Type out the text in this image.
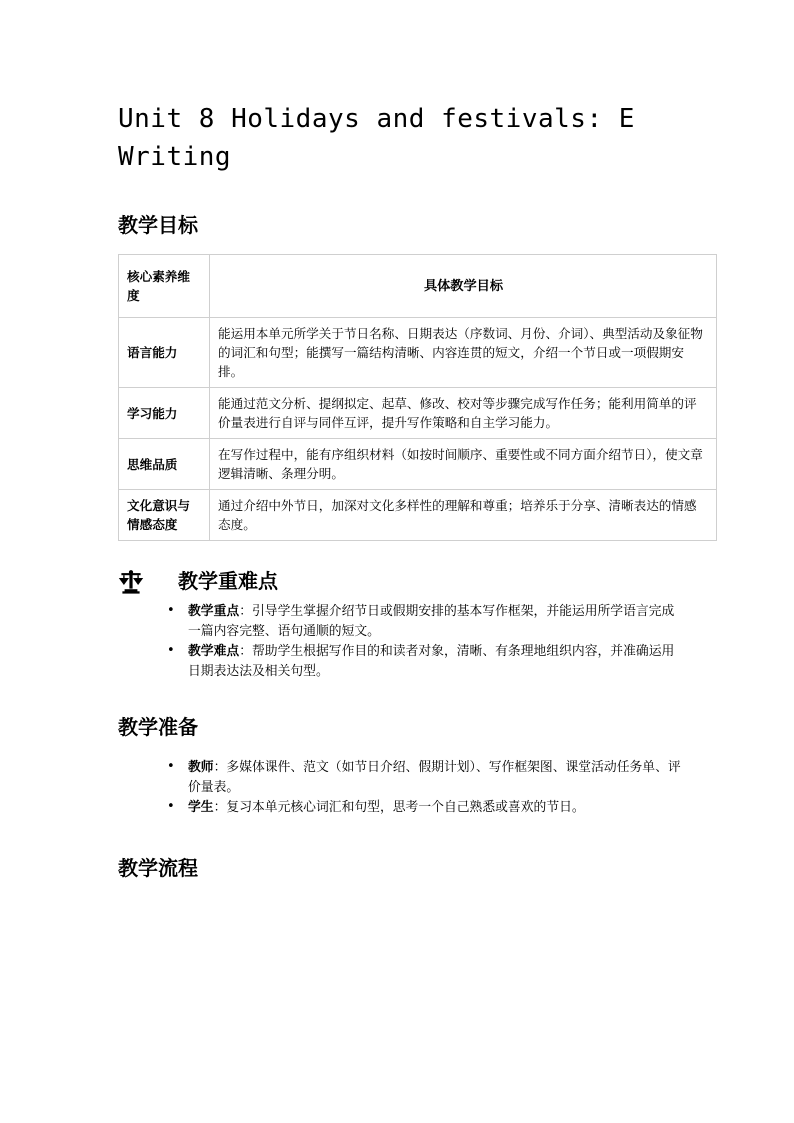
Unit 8 Holidays and festivals: E Writing
教学目标
核心素养维度	具体教学目标
语言能力	能运用本单元所学关于节日名称、日期表达（序数词、月份、介词）、典型活动及象征物的词汇和句型；能撰写一篇结构清晰、内容连贯的短文，介绍一个节日或一项假期安排。
学习能力	能通过范文分析、提纲拟定、起草、修改、校对等步骤完成写作任务；能利用简单的评价量表进行自评与同伴互评，提升写作策略和自主学习能力。
思维品质	在写作过程中，能有序组织材料（如按时间顺序、重要性或不同方面介绍节日），使文章逻辑清晰、条理分明。
文化意识与情感态度	通过介绍中外节日，加深对文化多样性的理解和尊重；培养乐于分享、清晰表达的情感态度。
教学重难点
• 教学重点：引导学生掌握介绍节日或假期安排的基本写作框架，并能运用所学语言完成一篇内容完整、语句通顺的短文。
• 教学难点：帮助学生根据写作目的和读者对象，清晰、有条理地组织内容，并准确运用日期表达法及相关句型。
教学准备
• 教师：多媒体课件、范文（如节日介绍、假期计划）、写作框架图、课堂活动任务单、评价量表。
• 学生：复习本单元核心词汇和句型，思考一个自己熟悉或喜欢的节日。
教学流程
